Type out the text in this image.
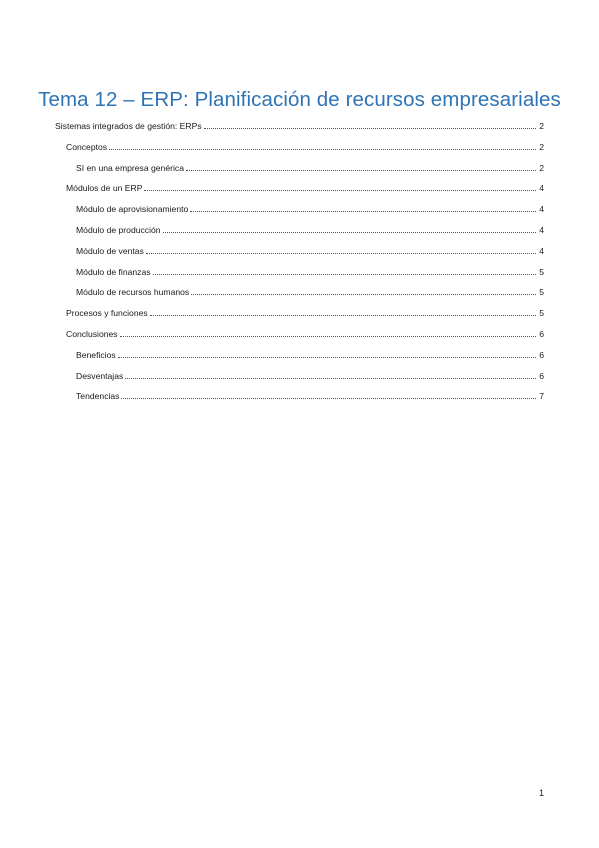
Tema 12 – ERP: Planificación de recursos empresariales
Sistemas integrados de gestión: ERPs	2
Conceptos	2
SI en una empresa genérica	2
Módulos de un ERP	4
Módulo de aprovisionamiento	4
Módulo de producción	4
Módulo de ventas	4
Módulo de finanzas	5
Módulo de recursos humanos	5
Procesos y funciones	5
Conclusiones	6
Beneficios	6
Desventajas	6
Tendencias	7
1
